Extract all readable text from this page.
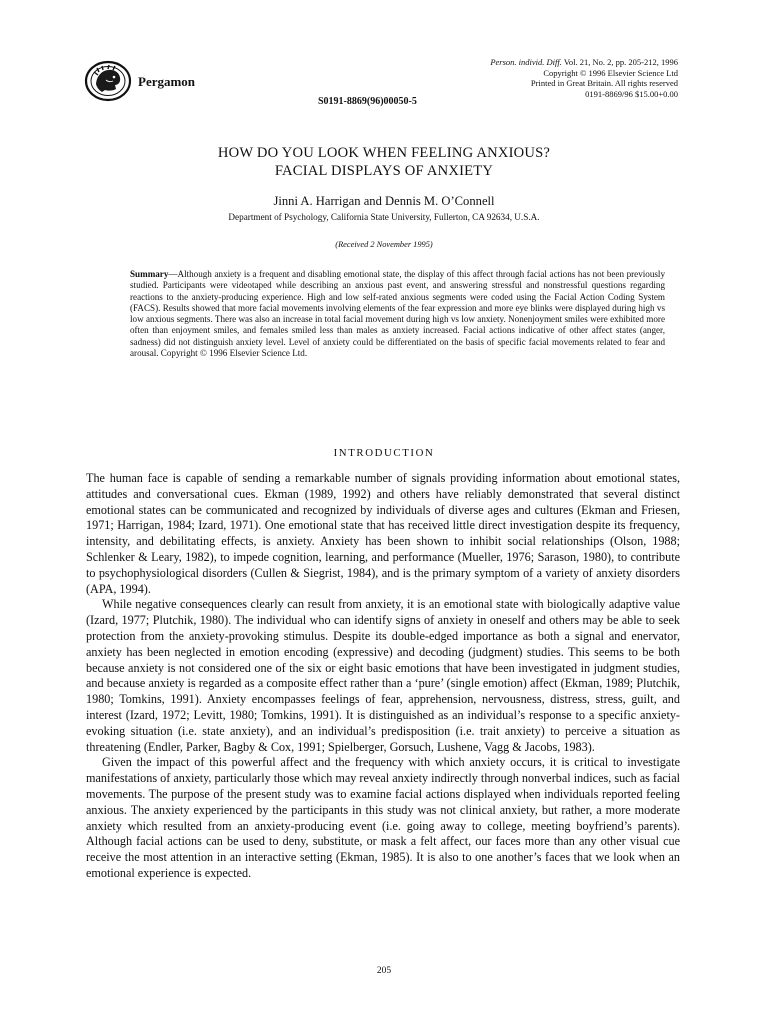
Pergamon
Person. individ. Diff. Vol. 21, No. 2, pp. 205-212, 1996
Copyright © 1996 Elsevier Science Ltd
Printed in Great Britain. All rights reserved
0191-8869/96 $15.00+0.00
S0191-8869(96)00050-5
HOW DO YOU LOOK WHEN FEELING ANXIOUS?
FACIAL DISPLAYS OF ANXIETY
Jinni A. Harrigan and Dennis M. O’Connell
Department of Psychology, California State University, Fullerton, CA 92634, U.S.A.
(Received 2 November 1995)

Summary—Although anxiety is a frequent and disabling emotional state, the display of this affect through facial actions has not been previously studied. Participants were videotaped while describing an anxious past event, and answering stressful and nonstressful questions regarding reactions to the anxiety-producing experience. High and low self-rated anxious segments were coded using the Facial Action Coding System (FACS). Results showed that more facial movements involving elements of the fear expression and more eye blinks were displayed during high vs low anxious segments. There was also an increase in total facial movement during high vs low anxiety. Nonenjoyment smiles were exhibited more often than enjoyment smiles, and females smiled less than males as anxiety increased. Facial actions indicative of other affect states (anger, sadness) did not distinguish anxiety level. Level of anxiety could be differentiated on the basis of specific facial movements related to fear and arousal. Copyright © 1996 Elsevier Science Ltd.

INTRODUCTION

The human face is capable of sending a remarkable number of signals providing information about emotional states, attitudes and conversational cues. Ekman (1989, 1992) and others have reliably demonstrated that several distinct emotional states can be communicated and recognized by individuals of diverse ages and cultures (Ekman and Friesen, 1971; Harrigan, 1984; Izard, 1971). One emotional state that has received little direct investigation despite its frequency, intensity, and debilitating effects, is anxiety. Anxiety has been shown to inhibit social relationships (Olson, 1988; Schlenker & Leary, 1982), to impede cognition, learning, and performance (Mueller, 1976; Sarason, 1980), to contribute to psychophysiological disorders (Cullen & Siegrist, 1984), and is the primary symptom of a variety of anxiety disorders (APA, 1994).

While negative consequences clearly can result from anxiety, it is an emotional state with biologically adaptive value (Izard, 1977; Plutchik, 1980). The individual who can identify signs of anxiety in oneself and others may be able to seek protection from the anxiety-provoking stimulus. Despite its double-edged importance as both a signal and enervator, anxiety has been neglected in emotion encoding (expressive) and decoding (judgment) studies. This seems to be both because anxiety is not considered one of the six or eight basic emotions that have been investigated in judgment studies, and because anxiety is regarded as a composite effect rather than a ‘pure’ (single emotion) affect (Ekman, 1989; Plutchik, 1980; Tomkins, 1991). Anxiety encompasses feelings of fear, apprehension, nervousness, distress, stress, guilt, and interest (Izard, 1972; Levitt, 1980; Tomkins, 1991). It is distinguished as an individual’s response to a specific anxiety-evoking situation (i.e. state anxiety), and an individual’s predisposition (i.e. trait anxiety) to perceive a situation as threatening (Endler, Parker, Bagby & Cox, 1991; Spielberger, Gorsuch, Lushene, Vagg & Jacobs, 1983).

Given the impact of this powerful affect and the frequency with which anxiety occurs, it is critical to investigate manifestations of anxiety, particularly those which may reveal anxiety indirectly through nonverbal indices, such as facial movements. The purpose of the present study was to examine facial actions displayed when individuals reported feeling anxious. The anxiety experienced by the participants in this study was not clinical anxiety, but rather, a more moderate anxiety which resulted from an anxiety-producing event (i.e. going away to college, meeting boyfriend’s parents). Although facial actions can be used to deny, substitute, or mask a felt affect, our faces more than any other visual cue receive the most attention in an interactive setting (Ekman, 1985). It is also to one another’s faces that we look when an emotional experience is expected.

205
